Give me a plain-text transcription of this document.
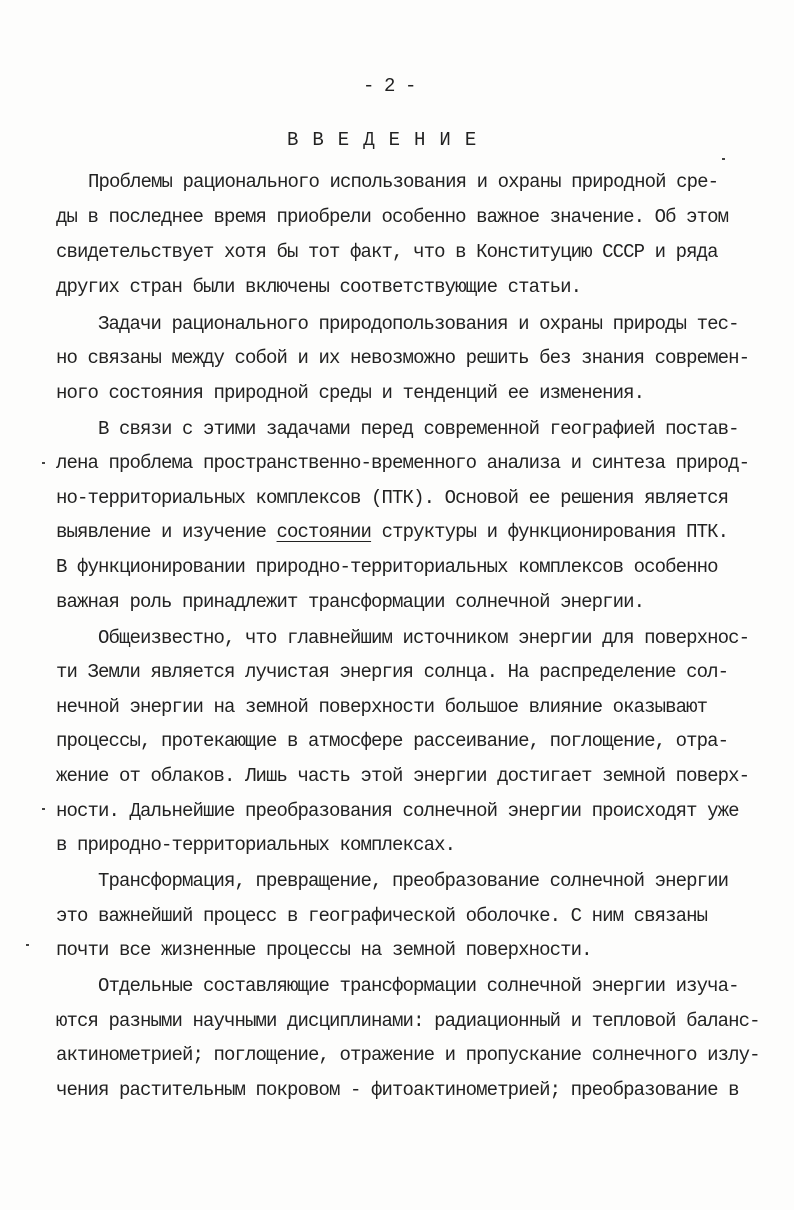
- 2 -
ВВЕДЕНИЕ
Проблемы рационального использования и охраны природной сре-
ды в последнее время приобрели особенно важное значение. Об этом
свидетельствует хотя бы тот факт, что в Конституцию СССР и ряда
других стран были включены соответствующие статьи.
Задачи рационального природопользования и охраны природы тес-
но связаны между собой и их невозможно решить без знания современ-
ного состояния природной среды и тенденций ее изменения.
В связи с этими задачами перед современной географией постав-
лена проблема пространственно-временного анализа и синтеза природ-
но-территориальных комплексов (ПТК). Основой ее решения является
выявление и изучение состоянии структуры и функционирования ПТК.
В функционировании природно-территориальных комплексов особенно
важная роль принадлежит трансформации солнечной энергии.
Общеизвестно, что главнейшим источником энергии для поверхнос-
ти Земли является лучистая энергия солнца. На распределение сол-
нечной энергии на земной поверхности большое влияние оказывают
процессы, протекающие в атмосфере рассеивание, поглощение, отра-
жение от облаков. Лишь часть этой энергии достигает земной поверх-
ности. Дальнейшие преобразования солнечной энергии происходят уже
в природно-территориальных комплексах.
Трансформация, превращение, преобразование солнечной энергии
это важнейший процесс в географической оболочке. С ним связаны
почти все жизненные процессы на земной поверхности.
Отдельные составляющие трансформации солнечной энергии изуча-
ются разными научными дисциплинами: радиационный и тепловой баланс-
актинометрией; поглощение, отражение и пропускание солнечного излу-
чения растительным покровом - фитоактинометрией; преобразование в
